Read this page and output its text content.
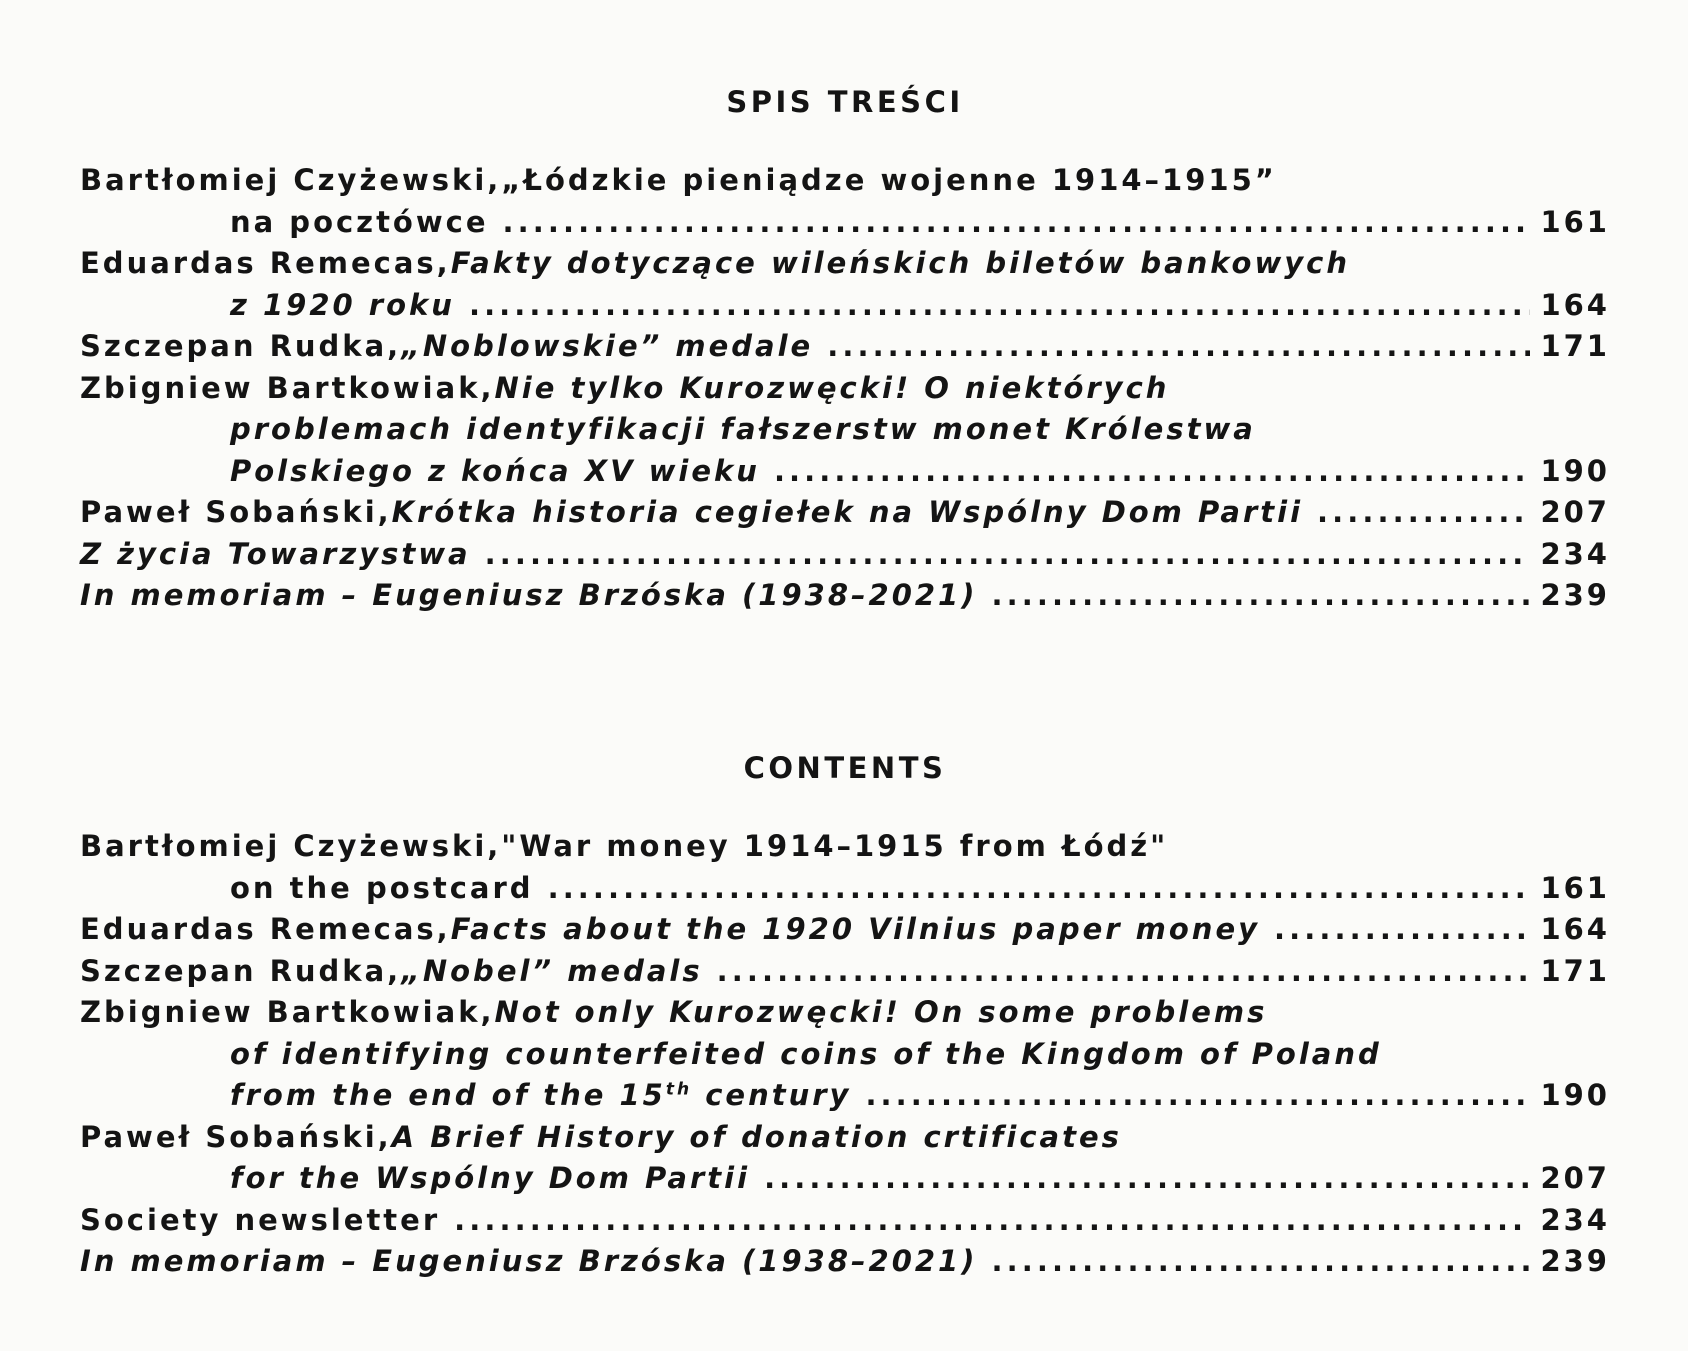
SPIS TREŚCI
Bartłomiej Czyżewski, „Łódzkie pieniądze wojenne 1914–1915”
na pocztówce . . .	161
Eduardas Remecas, Fakty dotyczące wileńskich biletów bankowych
z 1920 roku . . .	164
Szczepan Rudka, „Noblowskie” medale . . .	171
Zbigniew Bartkowiak, Nie tylko Kurozwęcki! O niektórych
problemach identyfikacji fałszerstw monet Królestwa
Polskiego z końca XV wieku . . .	190
Paweł Sobański, Krótka historia cegiełek na Wspólny Dom Partii . . .	207
Z życia Towarzystwa . . .	234
In memoriam – Eugeniusz Brzóska (1938–2021) . . .	239
CONTENTS
Bartłomiej Czyżewski, "War money 1914–1915 from Łódź"
on the postcard . . .	161
Eduardas Remecas, Facts about the 1920 Vilnius paper money . . .	164
Szczepan Rudka, „Nobel” medals . . .	171
Zbigniew Bartkowiak, Not only Kurozwęcki! On some problems
of identifying counterfeited coins of the Kingdom of Poland
from the end of the 15th century . . .	190
Paweł Sobański, A Brief History of donation crtificates
for the Wspólny Dom Partii . . .	207
Society newsletter . . .	234
In memoriam – Eugeniusz Brzóska (1938–2021) . . .	239
